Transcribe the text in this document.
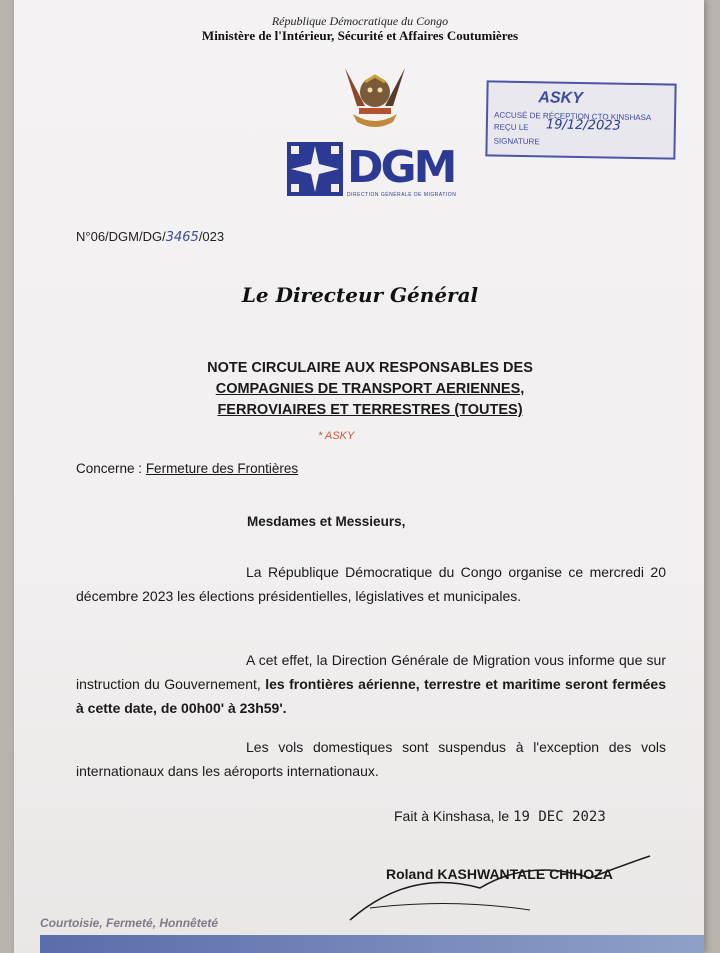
République Démocratique du Congo
Ministère de l'Intérieur, Sécurité et Affaires Coutumières
DGM
DIRECTION GÉNÉRALE DE MIGRATION
ASKY
ACCUSÉ DE RÉCEPTION CTO KINSHASA
REÇU LE 19/12/2023
SIGNATURE
N°06/DGM/DG/3465/023
Le Directeur Général
NOTE CIRCULAIRE AUX RESPONSABLES DES
COMPAGNIES DE TRANSPORT AERIENNES,
FERROVIAIRES ET TERRESTRES (TOUTES)
* ASKY
Concerne : Fermeture des Frontières
Mesdames et Messieurs,
La République Démocratique du Congo organise ce mercredi 20 décembre 2023 les élections présidentielles, législatives et municipales.
A cet effet, la Direction Générale de Migration vous informe que sur instruction du Gouvernement, les frontières aérienne, terrestre et maritime seront fermées à cette date, de 00h00' à 23h59'.
Les vols domestiques sont suspendus à l'exception des vols internationaux dans les aéroports internationaux.
Fait à Kinshasa, le 19 DEC 2023
Roland KASHWANTALE CHIHOZA
Courtoisie, Fermeté, Honnêteté
